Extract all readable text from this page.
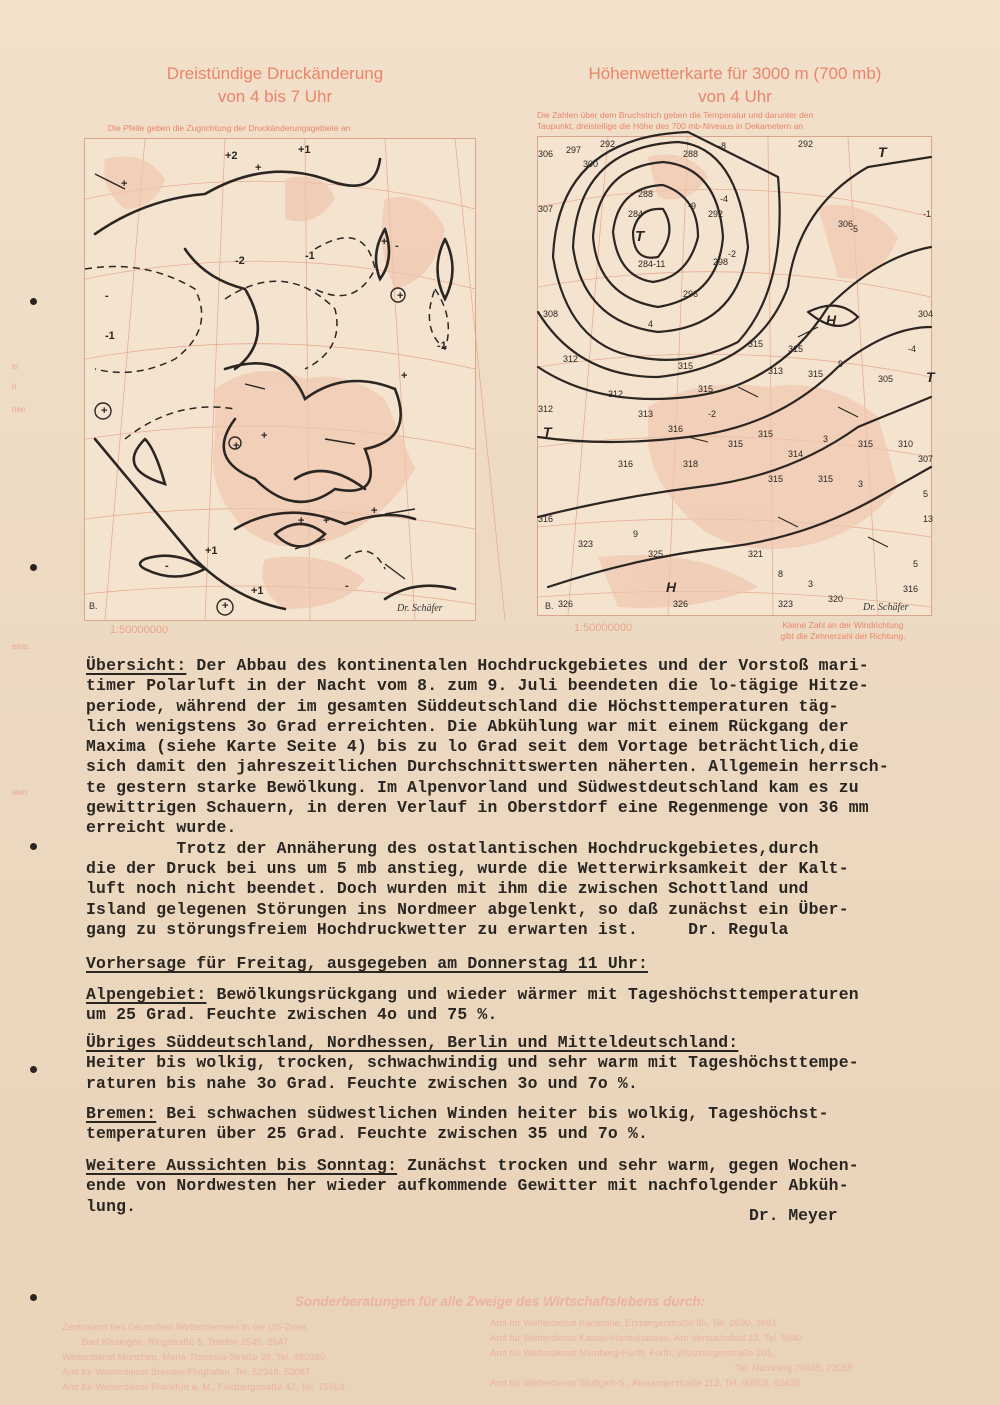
in
h
nee
emp.
sten
Dreistündige Druckänderung
von 4 bis 7 Uhr
Die Pfeile geben die Zugrichtung der Druckänderungsgebiete an
+
+2
+
+1
+
+
+
+
+ +
+
+
+1
+1
-
-2
-
-1
-
-1
+
+
-
-1
B.	Dr. Schäfer
1:50000000
Höhenwetterkarte für 3000 m (700 mb)
von 4 Uhr
Die Zahlen über dem Bruchstrich geben die Temperatur und darunter den
Taupunkt, dreistellige die Höhe des 700 mb-Niveaus in Dekametern an
T
T
T
T
H
H
306 297
300
292
288
-8
288
284
284-11
-9
292
-4
292
306
-5
-1
307
308
312
4
296
298
-2
315
315
315
313
315
315
9
305
304
-4
312
312
313
316
-2
315
315
314
3	315	310
307
316	318
315	315	3
13
316
323
9
325	321
8
3
320
316
326	326	323
5
5
B.	Dr. Schäfer
1:50000000	Kleine Zahl an der Windrichtung
gibt die Zehnerzahl der Richtung.

Übersicht: Der Abbau des kontinentalen Hochdruckgebietes und der Vorstoß mari-

timer Polarluft in der Nacht vom 8. zum 9. Juli beendeten die lo-tägige Hitze-

periode, während der im gesamten Süddeutschland die Höchsttemperaturen täg-

lich wenigstens 3o Grad erreichten. Die Abkühlung war mit einem Rückgang der

Maxima (siehe Karte Seite 4) bis zu lo Grad seit dem Vortage beträchtlich,die

sich damit den jahreszeitlichen Durchschnittswerten näherten. Allgemein herrsch-

te gestern starke Bewölkung. Im Alpenvorland und Südwestdeutschland kam es zu

gewittrigen Schauern, in deren Verlauf in Oberstdorf eine Regenmenge von 36 mm

erreicht wurde.

Trotz der Annäherung des ostatlantischen Hochdruckgebietes,durch

die der Druck bei uns um 5 mb anstieg, wurde die Wetterwirksamkeit der Kalt-

luft noch nicht beendet. Doch wurden mit ihm die zwischen Schottland und

Island gelegenen Störungen ins Nordmeer abgelenkt, so daß zunächst ein Über-

gang zu störungsfreiem Hochdruckwetter zu erwarten ist.     Dr. Regula

Vorhersage für Freitag, ausgegeben am Donnerstag 11 Uhr:

Alpengebiet: Bewölkungsrückgang und wieder wärmer mit Tageshöchsttemperaturen

um 25 Grad. Feuchte zwischen 4o und 75 %.

Übriges Süddeutschland, Nordhessen, Berlin und Mitteldeutschland:

Heiter bis wolkig, trocken, schwachwindig und sehr warm mit Tageshöchsttempe-

raturen bis nahe 3o Grad. Feuchte zwischen 3o und 7o %.

Bremen: Bei schwachen südwestlichen Winden heiter bis wolkig, Tageshöchst-

temperaturen über 25 Grad. Feuchte zwischen 35 und 7o %.

Weitere Aussichten bis Sonntag: Zunächst trocken und sehr warm, gegen Wochen-

ende von Nordwesten her wieder aufkommende Gewitter mit nachfolgender Abküh-

lung.	Dr. Meyer
Sonderberatungen für alle Zweige des Wirtschaftslebens durch:
Zentralamt des Deutschen Wetterdienstes in der US-Zone,
Bad Kissingen, Ringstraße 5, Telefon 2545, 2547
Wetterdienst München, Maria-Theresia-Straße 28, Tel. 480360
Amt für Wetterdienst Bremen-Flughafen, Tel. 52948, 53087
Amt für Wetterdienst Frankfurt a. M., Feldbergstraße 47, Tel. 75564
Amt für Wetterdienst Karlsruhe, Erzbergerstraße 85, Tel. 2690, 2691
Amt für Wetterdienst Kassel-Harleshausen, Am Versuchsfeld 13, Tel. 5040
Amt für Wetterdienst Nürnberg-Fürth, Fürth, Würzburgerstraße 201,
Tel. Nürnberg 70465, 72058
Amt für Wetterdienst Stuttgart-S., Alexanderstraße 112, Tel. 90503, 92435
